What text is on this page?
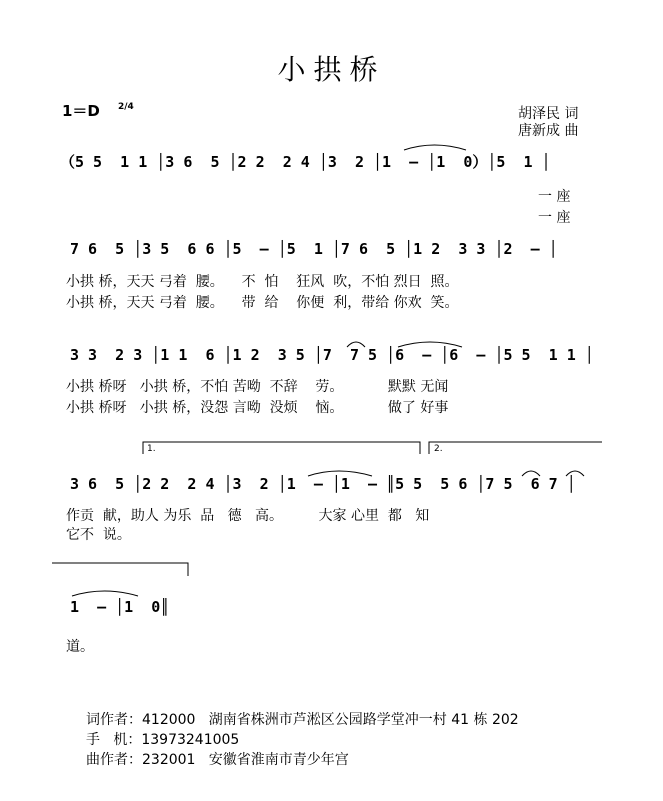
小拱桥
1＝D 2/4	胡泽民 词
唐新成 曲
（5 5  1 1 │3 6  5 │2 2  2 4 │3  2 │1  – │1  0）│5  1 │
一 座
一 座
7 6  5 │3 5  6 6 │5  – │5  1 │7 6  5 │1 2  3 3 │2  – │
小拱 桥，天天 弓着  腰。    不  怕    狂风  吹，不怕 烈日  照。
小拱 桥，天天 弓着  腰。    带  给    你便  利，带给 你欢  笑。
3 3  2 3 │1 1  6 │1 2  3 5 │7  7 5 │6  – │6  – │5 5  1 1 │
小拱 桥呀   小拱 桥，不怕 苦呦  不辞    劳。          默默 无闻
小拱 桥呀   小拱 桥，没怨 言呦  没烦    恼。          做了 好事
1.	2.
3 6  5 │2 2  2 4 │3  2 │1  – │1  – ║5 5  5 6 │7 5  6 7 │
作贡  献，助人 为乐  品   德   高。        大家 心里  都   知
它不  说。
1  – │1  0║
道。
词作者：412000   湖南省株洲市芦淞区公园路学堂冲一村 41 栋 202
手   机：13973241005
曲作者：232001   安徽省淮南市青少年宫
